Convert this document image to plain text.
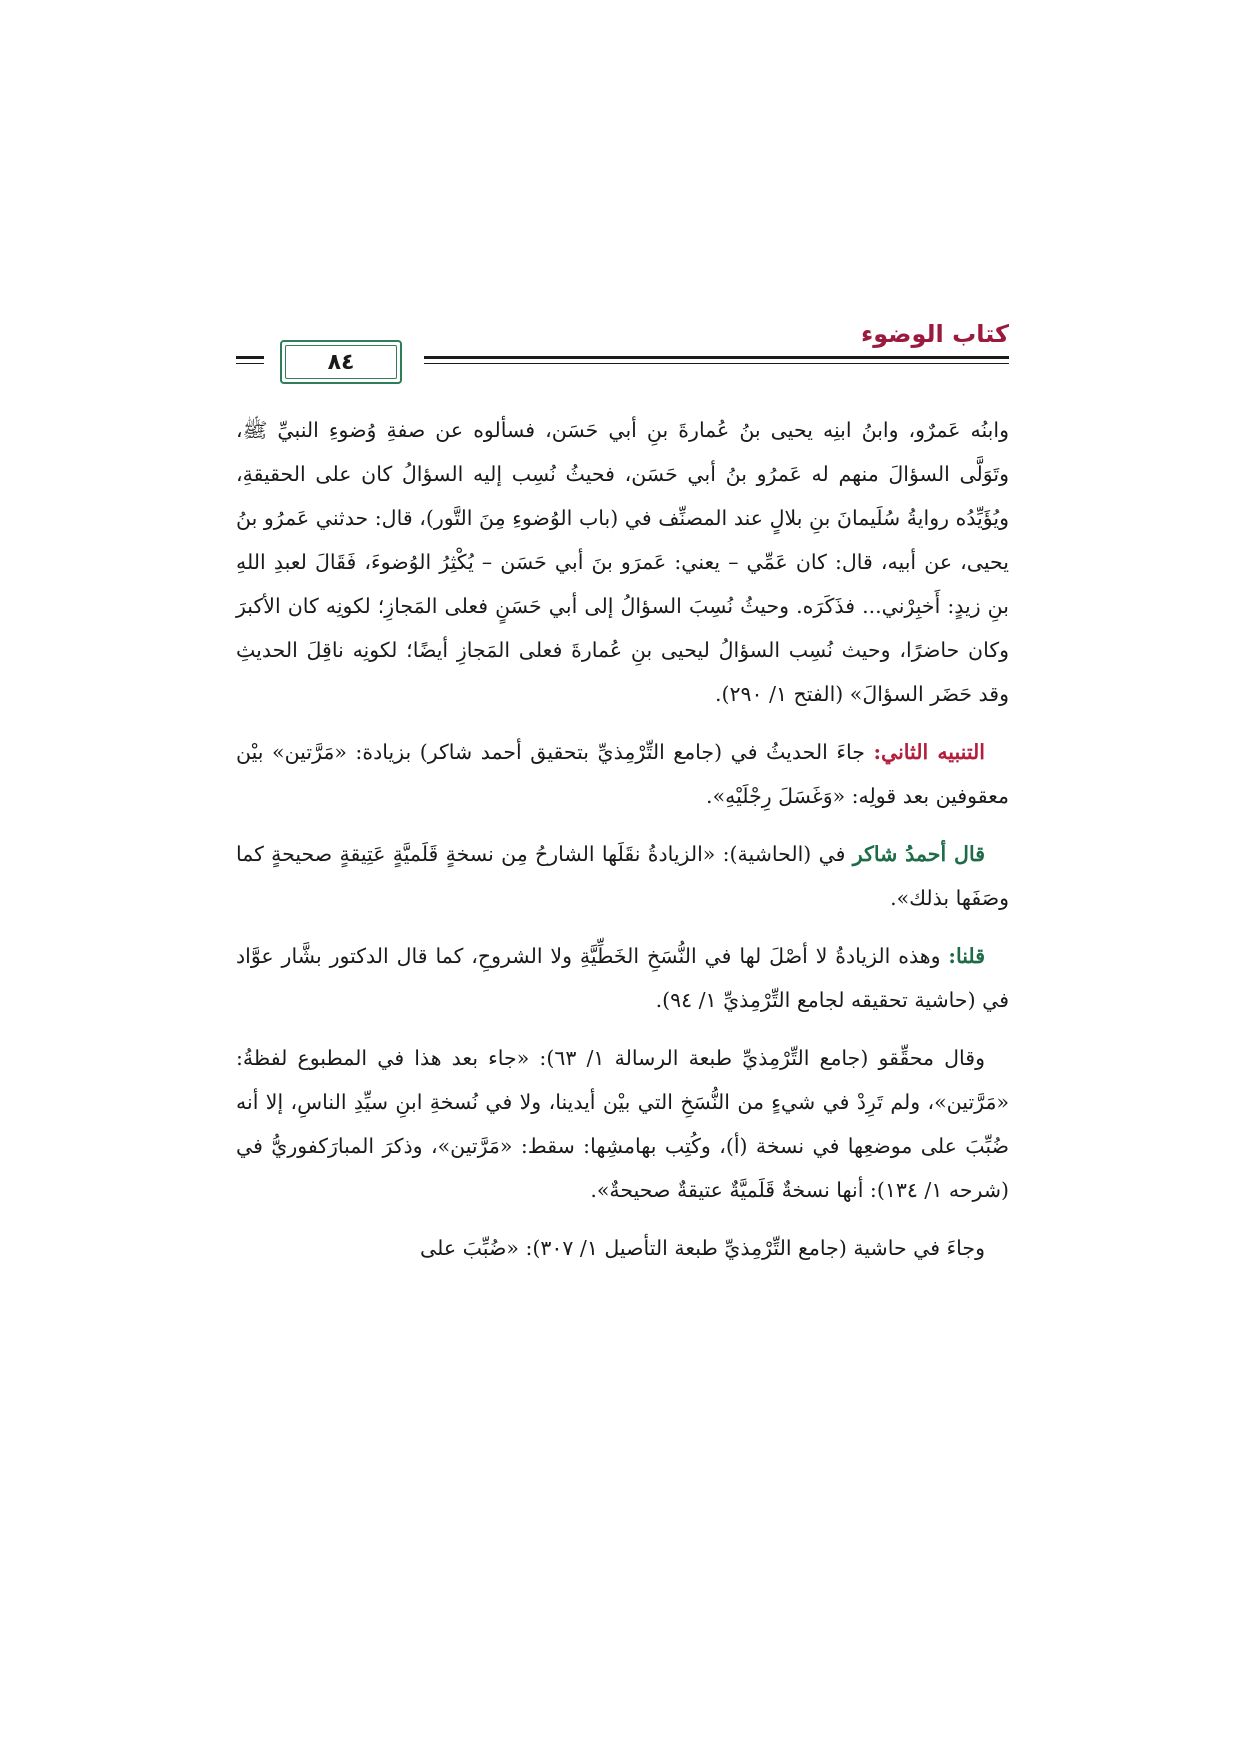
كتاب الوضوء
٨٤

وابنُه عَمرٌو، وابنُ ابنِه يحيى بنُ عُمارةَ بنِ أبي حَسَن، فسألوه عن صفةِ وُضوءِ النبيِّ ﷺ، وتَوَلَّى السؤالَ منهم له عَمرُو بنُ أبي حَسَن، فحيثُ نُسِب إليه السؤالُ كان على الحقيقةِ، ويُؤَيِّدُه روايةُ سُلَيمانَ بنِ بلالٍ عند المصنِّف في (باب الوُضوءِ مِنَ التَّور)، قال: حدثني عَمرُو بنُ يحيى، عن أبيه، قال: كان عَمِّي – يعني: عَمرَو بنَ أبي حَسَن – يُكْثِرُ الوُضوءَ، فَقَالَ لعبدِ اللهِ بنِ زيدٍ: أَخبِرْني... فذَكَرَه. وحيثُ نُسِبَ السؤالُ إلى أبي حَسَنٍ فعلى المَجازِ؛ لكونِه كان الأكبرَ وكان حاضرًا، وحيث نُسِب السؤالُ ليحيى بنِ عُمارةَ فعلى المَجازِ أيضًا؛ لكونِه ناقِلَ الحديثِ وقد حَضَر السؤالَ» (الفتح ١/ ٢٩٠).

التنبيه الثاني: جاءَ الحديثُ في (جامع التِّرْمِذيِّ بتحقيق أحمد شاكر) بزيادة: «مَرَّتين» بيْن معقوفين بعد قولِه: «وَغَسَلَ رِجْلَيْهِ».

قال أحمدُ شاكر في (الحاشية): «الزيادةُ نقَلَها الشارحُ مِن نسخةٍ قَلَميَّةٍ عَتِيقةٍ صحيحةٍ كما وصَفَها بذلك».

قلنا: وهذه الزيادةُ لا أصْلَ لها في النُّسَخِ الخَطِّيَّةِ ولا الشروحِ، كما قال الدكتور بشَّار عوَّاد في (حاشية تحقيقه لجامع التِّرْمِذيِّ ١/ ٩٤).

وقال محقِّقو (جامع التِّرْمِذيِّ طبعة الرسالة ١/ ٦٣): «جاء بعد هذا في المطبوع لفظةُ: «مَرَّتين»، ولم تَرِدْ في شيءٍ من النُّسَخِ التي بيْن أيدينا، ولا في نُسخةِ ابنِ سيِّدِ الناسِ، إلا أنه ضُبِّبَ على موضعِها في نسخة (أ)، وكُتِب بهامشِها: سقط: «مَرَّتين»، وذكرَ المبارَكفوريُّ في (شرحه ١/ ١٣٤): أنها نسخةٌ قَلَميَّةٌ عتيقةٌ صحيحةٌ».

وجاءَ في حاشية (جامع التِّرْمِذيِّ طبعة التأصيل ١/ ٣٠٧): «ضُبِّبَ على
